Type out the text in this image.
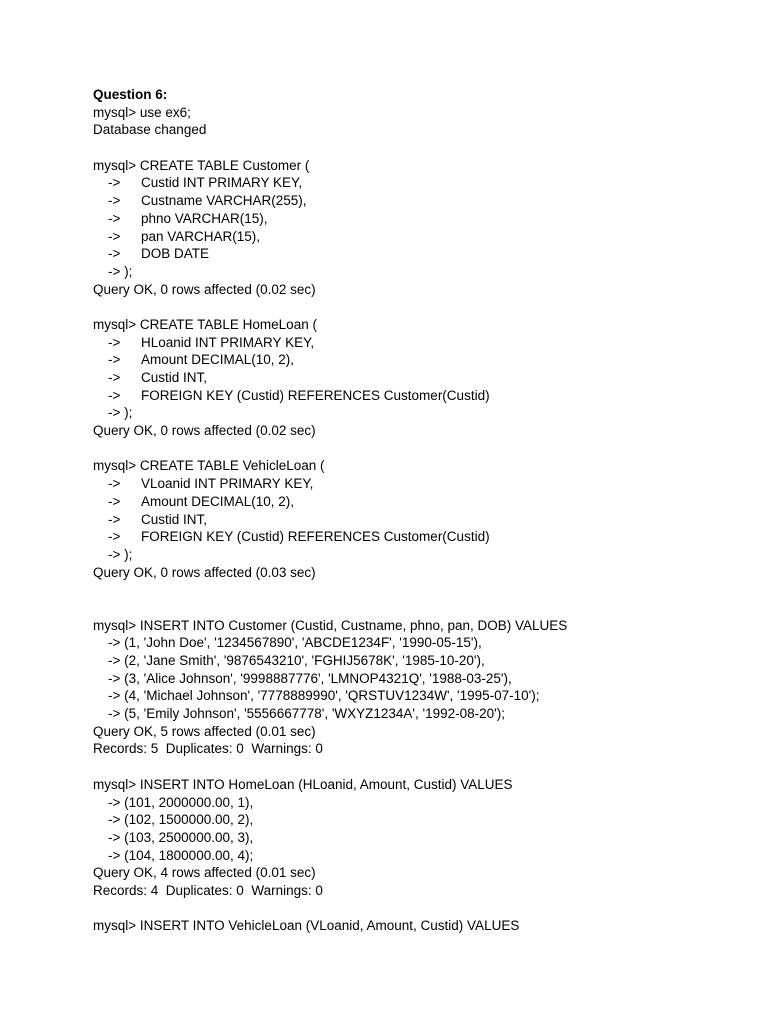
Question 6:
mysql> use ex6;
Database changed
mysql> CREATE TABLE Customer (
-> Custid INT PRIMARY KEY,
-> Custname VARCHAR(255),
-> phno VARCHAR(15),
-> pan VARCHAR(15),
-> DOB DATE
-> );
Query OK, 0 rows affected (0.02 sec)
mysql> CREATE TABLE HomeLoan (
-> HLoanid INT PRIMARY KEY,
-> Amount DECIMAL(10, 2),
-> Custid INT,
-> FOREIGN KEY (Custid) REFERENCES Customer(Custid)
-> );
Query OK, 0 rows affected (0.02 sec)
mysql> CREATE TABLE VehicleLoan (
-> VLoanid INT PRIMARY KEY,
-> Amount DECIMAL(10, 2),
-> Custid INT,
-> FOREIGN KEY (Custid) REFERENCES Customer(Custid)
-> );
Query OK, 0 rows affected (0.03 sec)
mysql> INSERT INTO Customer (Custid, Custname, phno, pan, DOB) VALUES
-> (1, 'John Doe', '1234567890', 'ABCDE1234F', '1990-05-15'),
-> (2, 'Jane Smith', '9876543210', 'FGHIJ5678K', '1985-10-20'),
-> (3, 'Alice Johnson', '9998887776', 'LMNOP4321Q', '1988-03-25'),
-> (4, 'Michael Johnson', '7778889990', 'QRSTUV1234W', '1995-07-10');
-> (5, 'Emily Johnson', '5556667778', 'WXYZ1234A', '1992-08-20');
Query OK, 5 rows affected (0.01 sec)
Records: 5  Duplicates: 0  Warnings: 0
mysql> INSERT INTO HomeLoan (HLoanid, Amount, Custid) VALUES
-> (101, 2000000.00, 1),
-> (102, 1500000.00, 2),
-> (103, 2500000.00, 3),
-> (104, 1800000.00, 4);
Query OK, 4 rows affected (0.01 sec)
Records: 4  Duplicates: 0  Warnings: 0
mysql> INSERT INTO VehicleLoan (VLoanid, Amount, Custid) VALUES
